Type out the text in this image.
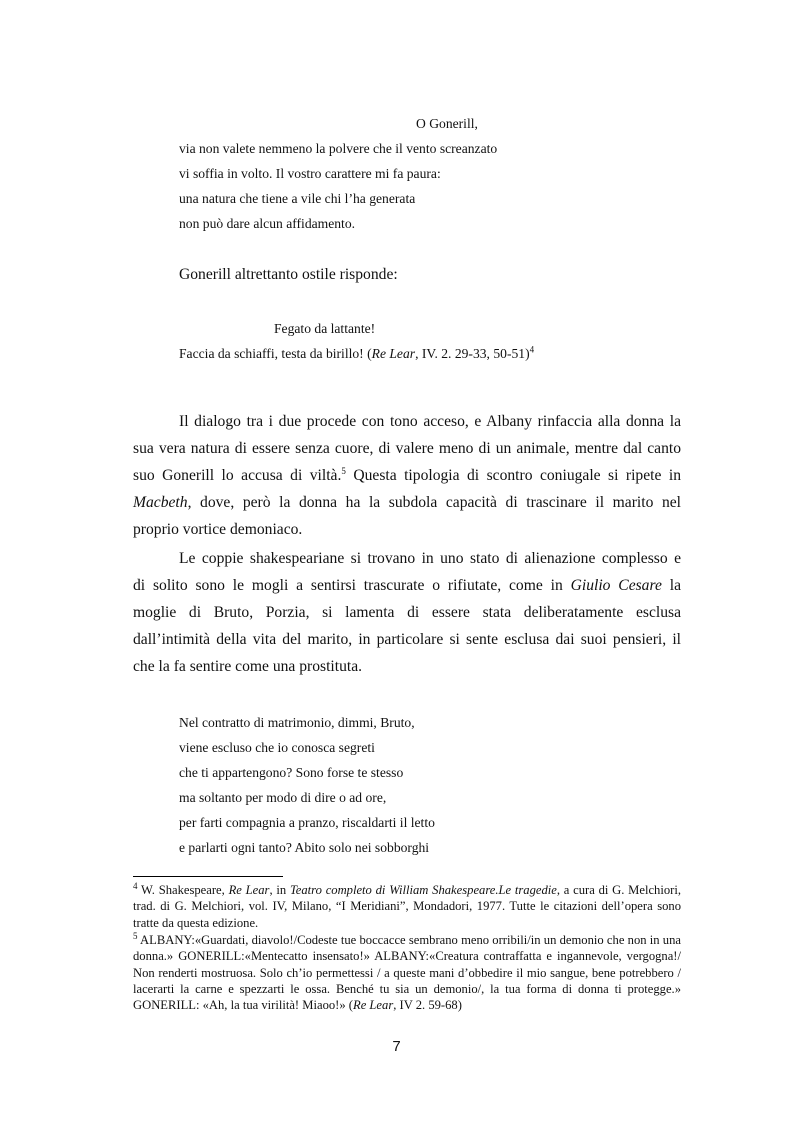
O Gonerill,
via non valete nemmeno la polvere che il vento screanzato
vi soffia in volto. Il vostro carattere mi fa paura:
una natura che tiene a vile chi l’ha generata
non può dare alcun affidamento.
Gonerill altrettanto ostile risponde:
Fegato da lattante!
Faccia da schiaffi, testa da birillo! (Re Lear, IV. 2. 29-33, 50-51)$^4$
Il dialogo tra i due procede con tono acceso, e Albany rinfaccia alla donna la
sua vera natura di essere senza cuore, di valere meno di un animale, mentre dal canto
suo Gonerill lo accusa di viltà.$^5$ Questa tipologia di scontro coniugale si ripete in
Macbeth, dove, però la donna ha la subdola capacità di trascinare il marito nel
proprio vortice demoniaco.
Le coppie shakespeariane si trovano in uno stato di alienazione complesso e
di solito sono le mogli a sentirsi trascurate o rifiutate, come in Giulio Cesare la
moglie di Bruto, Porzia, si lamenta di essere stata deliberatamente esclusa
dall’intimità della vita del marito, in particolare si sente esclusa dai suoi pensieri, il
che la fa sentire come una prostituta.
Nel contratto di matrimonio, dimmi, Bruto,
viene escluso che io conosca segreti
che ti appartengono? Sono forse te stesso
ma soltanto per modo di dire o ad ore,
per farti compagnia a pranzo, riscaldarti il letto
e parlarti ogni tanto? Abito solo nei sobborghi
$^4$ W. Shakespeare, Re Lear, in Teatro completo di William Shakespeare.Le tragedie, a cura di G. Melchiori, trad. di G. Melchiori, vol. IV, Milano, “I Meridiani”, Mondadori, 1977. Tutte le citazioni dell’opera sono tratte da questa edizione.
$^5$ ALBANY:«Guardati, diavolo!/Codeste tue boccacce sembrano meno orribili/in un demonio che non in una donna.» GONERILL:«Mentecatto insensato!» ALBANY:«Creatura contraffatta e ingannevole, vergogna!/ Non renderti mostruosa. Solo ch’io permettessi / a queste mani d’obbedire il mio sangue, bene potrebbero / lacerarti la carne e spezzarti le ossa. Benché tu sia un demonio/, la tua forma di donna ti protegge.» GONERILL: «Ah, la tua virilità! Miaoo!» (Re Lear, IV 2. 59-68)
7
